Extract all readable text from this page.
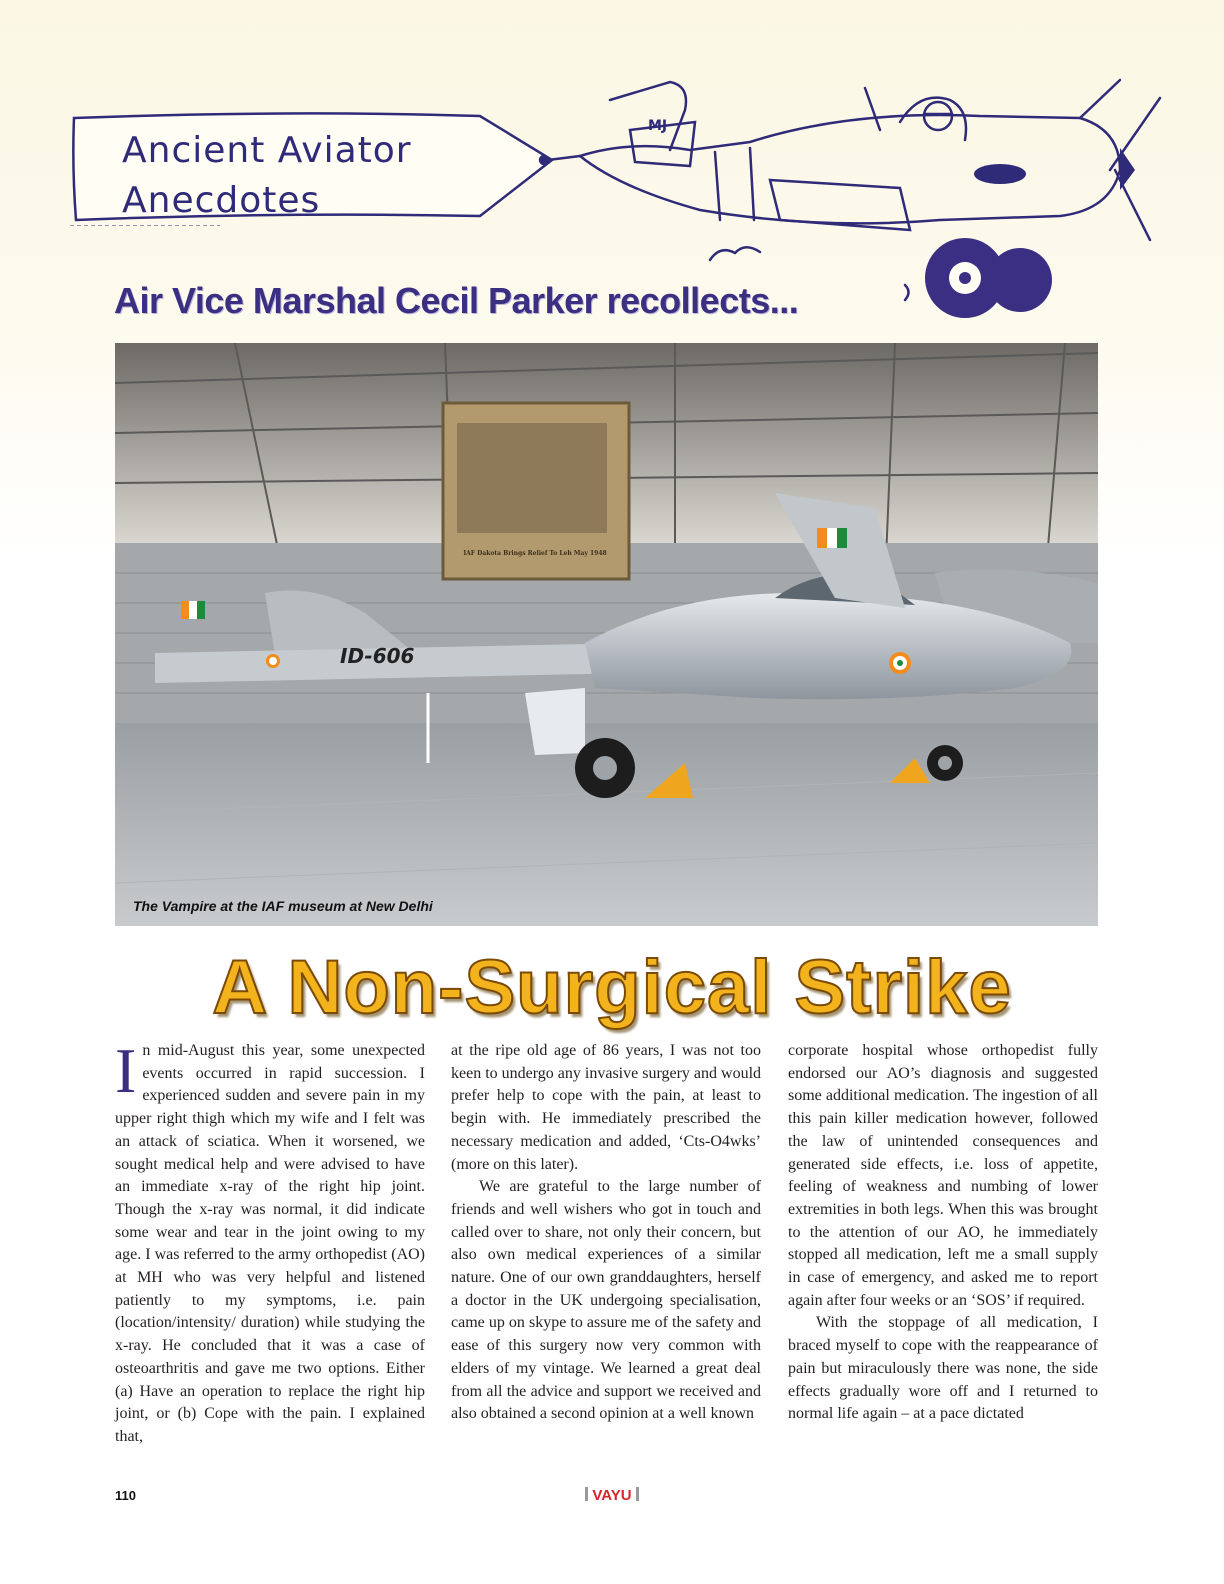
Ancient Aviator
Anecdotes
MJ
Air Vice Marshal Cecil Parker recollects...
IAF Dakota Brings Relief To Leh May 1948
ID-606
The Vampire at the IAF museum at New Delhi
A Non-Surgical Strike

In mid-August this year, some unexpected events occurred in rapid succession. I experienced sudden and severe pain in my upper right thigh which my wife and I felt was an attack of sciatica. When it worsened, we sought medical help and were advised to have an immediate x-ray of the right hip joint. Though the x-ray was normal, it did indicate some wear and tear in the joint owing to my age. I was referred to the army orthopedist (AO) at MH who was very helpful and listened patiently to my symptoms, i.e. pain (location/intensity/ duration) while studying the x-ray. He concluded that it was a case of osteoarthritis and gave me two options. Either (a) Have an operation to replace the right hip joint, or (b) Cope with the pain. I explained that,

at the ripe old age of 86 years, I was not too keen to undergo any invasive surgery and would prefer help to cope with the pain, at least to begin with. He immediately prescribed the necessary medication and added, ‘Cts-O4wks’ (more on this later).

We are grateful to the large number of friends and well wishers who got in touch and called over to share, not only their concern, but also own medical experiences of a similar nature. One of our own granddaughters, herself a doctor in the UK undergoing specialisation, came up on skype to assure me of the safety and ease of this surgery now very common with elders of my vintage. We learned a great deal from all the advice and support we received and also obtained a second opinion at a well known

corporate hospital whose orthopedist fully endorsed our AO’s diagnosis and suggested some additional medication. The ingestion of all this pain killer medication however, followed the law of unintended consequences and generated side effects, i.e. loss of appetite, feeling of weakness and numbing of lower extremities in both legs. When this was brought to the attention of our AO, he immediately stopped all medication, left me a small supply in case of emergency, and asked me to report again after four weeks or an ‘SOS’ if required.

With the stoppage of all medication, I braced myself to cope with the reappearance of pain but miraculously there was none, the side effects gradually wore off and I returned to normal life again – at a pace dictated

110	VAYU
